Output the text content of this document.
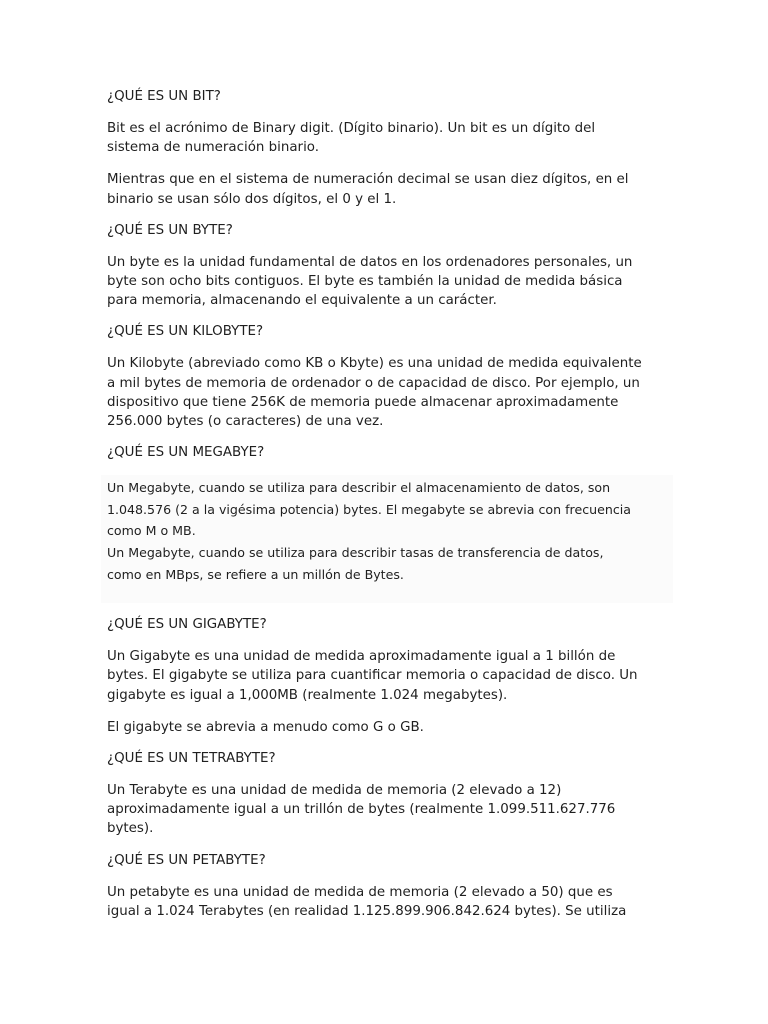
¿QUÉ ES UN BIT?
Bit es el acrónimo de Binary digit. (Dígito binario). Un bit es un dígito del
sistema de numeración binario.
Mientras que en el sistema de numeración decimal se usan diez dígitos, en el
binario se usan sólo dos dígitos, el 0 y el 1.
¿QUÉ ES UN BYTE?
Un byte es la unidad fundamental de datos en los ordenadores personales, un
byte son ocho bits contiguos. El byte es también la unidad de medida básica
para memoria, almacenando el equivalente a un carácter.
¿QUÉ ES UN KILOBYTE?
Un Kilobyte (abreviado como KB o Kbyte) es una unidad de medida equivalente
a mil bytes de memoria de ordenador o de capacidad de disco. Por ejemplo, un
dispositivo que tiene 256K de memoria puede almacenar aproximadamente
256.000 bytes (o caracteres) de una vez.
¿QUÉ ES UN MEGABYE?
Un Megabyte, cuando se utiliza para describir el almacenamiento de datos, son
1.048.576 (2 a la vigésima potencia) bytes. El megabyte se abrevia con frecuencia
como M o MB.
Un Megabyte, cuando se utiliza para describir tasas de transferencia de datos,
como en MBps, se refiere a un millón de Bytes.
¿QUÉ ES UN GIGABYTE?
Un Gigabyte es una unidad de medida aproximadamente igual a 1 billón de
bytes. El gigabyte se utiliza para cuantificar memoria o capacidad de disco. Un
gigabyte es igual a 1,000MB (realmente 1.024 megabytes).
El gigabyte se abrevia a menudo como G o GB.
¿QUÉ ES UN TETRABYTE?
Un Terabyte es una unidad de medida de memoria (2 elevado a 12)
aproximadamente igual a un trillón de bytes (realmente 1.099.511.627.776
bytes).
¿QUÉ ES UN PETABYTE?
Un petabyte es una unidad de medida de memoria (2 elevado a 50) que es
igual a 1.024 Terabytes (en realidad 1.125.899.906.842.624 bytes). Se utiliza
